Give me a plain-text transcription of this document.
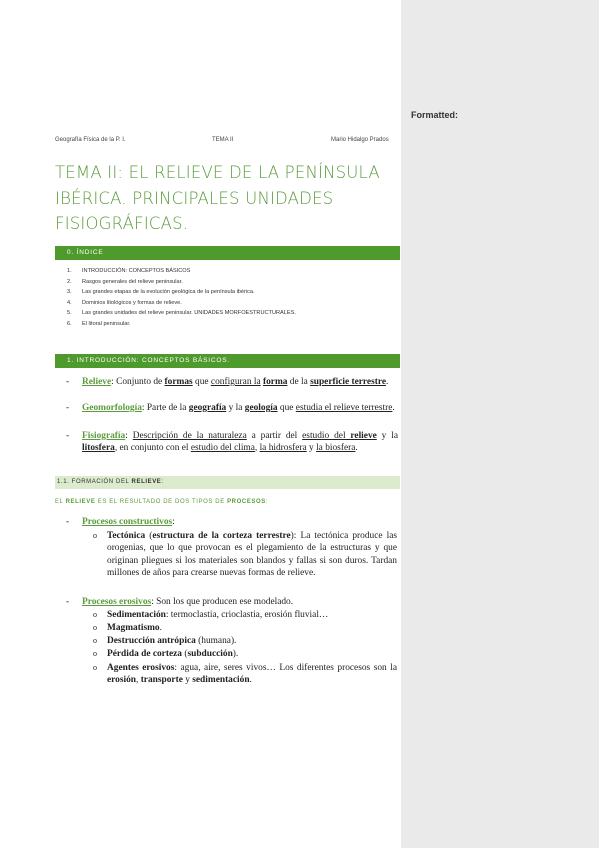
Geografía Física de la P. I.	TEMA II	Mario Hidalgo Prados
TEMA II: EL RELIEVE DE LA PENÍNSULA IBÉRICA. PRINCIPALES UNIDADES FISIOGRÁFICAS.
0. ÍNDICE
1. INTRODUCCIÓN: CONCEPTOS BÁSICOS
2. Rasgos generales del relieve peninsular.
3. Las grandes etapas de la evolución geológica de la península ibérica.
4. Dominios litológicos y formas de relieve.
5. Las grandes unidades del relieve peninsular. UNIDADES MORFOESTRUCTURALES.
6. El litoral peninsular.
1. INTRODUCCIÓN: CONCEPTOS BÁSICOS.
- Relieve: Conjunto de formas que configuran la forma de la superficie terrestre.
- Geomorfología: Parte de la geografía y la geología que estudia el relieve terrestre.
- Fisiografía: Descripción de la naturaleza a partir del estudio del relieve y la litosfera, en conjunto con el estudio del clima, la hidrosfera y la biosfera.
1.1. FORMACIÓN DEL RELIEVE:
EL RELIEVE ES EL RESULTADO DE DOS TIPOS DE PROCESOS:
- Procesos constructivos:
o Tectónica (estructura de la corteza terrestre): La tectónica produce las orogenias, que lo que provocan es el plegamiento de la estructuras y que originan pliegues si los materiales son blandos y fallas si son duros. Tardan millones de años para crearse nuevas formas de relieve.
- Procesos erosivos: Son los que producen ese modelado.
o Sedimentación: termoclastia, crioclastia, erosión fluvial…
o Magmatismo.
o Destrucción antrópica (humana).
o Pérdida de corteza (subducción).
o Agentes erosivos: agua, aire, seres vivos… Los diferentes procesos son la erosión, transporte y sedimentación.
Formatted:
